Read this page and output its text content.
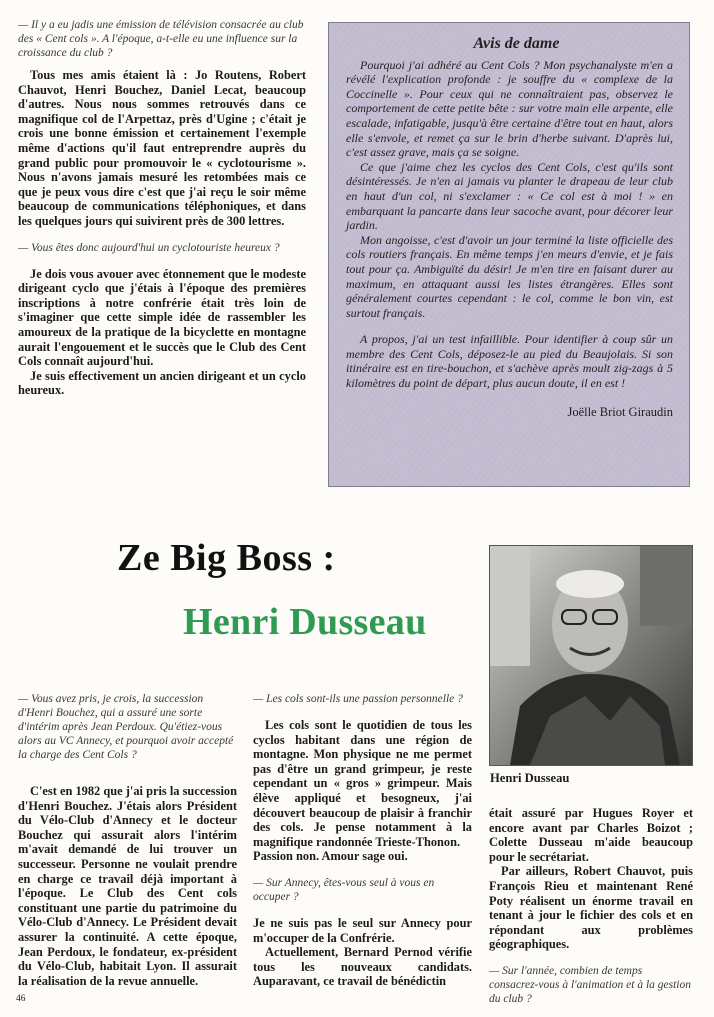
— Il y a eu jadis une émission de télévision consacrée au club des « Cent cols ». A l'époque, a-t-elle eu une influence sur la croissance du club ?

Tous mes amis étaient là : Jo Routens, Robert Chauvot, Henri Bouchez, Daniel Lecat, beaucoup d'autres. Nous nous sommes retrouvés dans ce magnifique col de l'Arpettaz, près d'Ugine ; c'était je crois une bonne émission et certainement l'exemple même d'actions qu'il faut entreprendre auprès du grand public pour promouvoir le « cyclotourisme ». Nous n'avons jamais mesuré les retombées mais ce que je peux vous dire c'est que j'ai reçu le soir même beaucoup de communications téléphoniques, et dans les quelques jours qui suivirent près de 300 lettres.

— Vous êtes donc aujourd'hui un cyclotouriste heureux ?

Je dois vous avouer avec étonnement que le modeste dirigeant cyclo que j'étais à l'époque des premières inscriptions à notre confrérie était très loin de s'imaginer que cette simple idée de rassembler les amoureux de la pratique de la bicyclette en montagne aurait l'engouement et le succès que le Club des Cent Cols connaît aujourd'hui.

Je suis effectivement un ancien dirigeant et un cyclo heureux.

Avis de dame

Pourquoi j'ai adhéré au Cent Cols ? Mon psychanalyste m'en a révélé l'explication profonde : je souffre du « complexe de la Coccinelle ». Pour ceux qui ne connaîtraient pas, observez le comportement de cette petite bête : sur votre main elle arpente, elle escalade, infatigable, jusqu'à être certaine d'être tout en haut, alors elle s'envole, et remet ça sur le brin d'herbe suivant. D'après lui, c'est assez grave, mais ça se soigne.

Ce que j'aime chez les cyclos des Cent Cols, c'est qu'ils sont désintéressés. Je n'en ai jamais vu planter le drapeau de leur club en haut d'un col, ni s'exclamer : « Ce col est à moi ! » en embarquant la pancarte dans leur sacoche avant, pour décorer leur jardin.

Mon angoisse, c'est d'avoir un jour terminé la liste officielle des cols routiers français. En même temps j'en meurs d'envie, et je fais tout pour ça. Ambiguïté du désir! Je m'en tire en faisant durer au maximum, en attaquant aussi les listes étrangères. Elles sont généralement courtes cependant : le col, comme le bon vin, est surtout français.

A propos, j'ai un test infaillible. Pour identifier à coup sûr un membre des Cent Cols, déposez-le au pied du Beaujolais. Si son itinéraire est en tire-bouchon, et s'achève après moult zig-zags à 5 kilomètres du point de départ, plus aucun doute, il en est !

Joëlle Briot Giraudin
Ze Big Boss :
Henri Dusseau

Henri Dusseau

— Vous avez pris, je crois, la succession d'Henri Bouchez, qui a assuré une sorte d'intérim après Jean Perdoux. Qu'étiez-vous alors au VC Annecy, et pourquoi avoir accepté la charge des Cent Cols ?

C'est en 1982 que j'ai pris la succession d'Henri Bouchez. J'étais alors Président du Vélo-Club d'Annecy et le docteur Bouchez qui assurait alors l'intérim m'avait demandé de lui trouver un successeur. Personne ne voulait prendre en charge ce travail déjà important à l'époque. Le Club des Cent cols constituant une partie du patrimoine du Vélo-Club d'Annecy. Le Président devait assurer la continuité. A cette époque, Jean Perdoux, le fondateur, ex-président du Vélo-Club, habitait Lyon. Il assurait la réalisation de la revue annuelle.

— Les cols sont-ils une passion personnelle ?

Les cols sont le quotidien de tous les cyclos habitant dans une région de montagne. Mon physique ne me permet pas d'être un grand grimpeur, je reste cependant un « gros » grimpeur. Mais élève appliqué et besogneux, j'ai découvert beaucoup de plaisir à franchir des cols. Je pense notamment à la magnifique randonnée Trieste-Thonon.

Passion non. Amour sage oui.

— Sur Annecy, êtes-vous seul à vous en occuper ?

Je ne suis pas le seul sur Annecy pour m'occuper de la Confrérie.

Actuellement, Bernard Pernod vérifie tous les nouveaux candidats. Auparavant, ce travail de bénédictin

était assuré par Hugues Royer et encore avant par Charles Boizot ; Colette Dusseau m'aide beaucoup pour le secrétariat.

Par ailleurs, Robert Chauvot, puis François Rieu et maintenant René Poty réalisent un énorme travail en tenant à jour le fichier des cols et en répondant aux problèmes géographiques.

— Sur l'année, combien de temps consacrez-vous à l'animation et à la gestion du club ?

46
